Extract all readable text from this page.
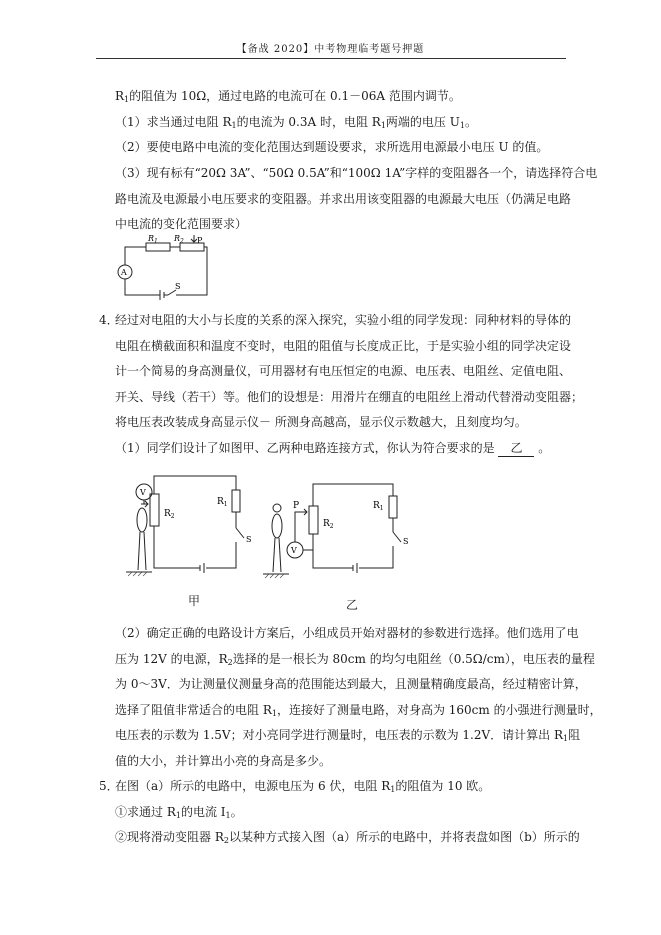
【备战 2020】中考物理临考题号押题
$R_1$的阻值为 10Ω，通过电路的电流可在 0.1－06A 范围内调节。
（1）求当通过电阻 $R_1$的电流为 0.3A 时，电阻 $R_1$两端的电压 $U_1$。
（2）要使电路中电流的变化范围达到题设要求，求所选用电源最小电压 U 的值。
（3）现有标有“20Ω 3A”、“50Ω 0.5A”和“100Ω 1A”字样的变阻器各一个，请选择符合电
路电流及电源最小电压要求的变阻器。并求出用该变阻器的电源最大电压（仍满足电路
中电流的变化范围要求）
$R_1$ $R_2$ P
A
S
4．
经过对电阻的大小与长度的关系的深入探究，实验小组的同学发现：同种材料的导体的
电阻在横截面积和温度不变时，电阻的阻值与长度成正比，于是实验小组的同学决定设
计一个简易的身高测量仪，可用器材有电压恒定的电源、电压表、电阻丝、定值电阻、
开关、导线（若干）等。他们的设想是：用滑片在绷直的电阻丝上滑动代替滑动变阻器；
将电压表改装成身高显示仪－ 所测身高越高，显示仪示数越大，且刻度均匀。
（1）同学们设计了如图甲、乙两种电路连接方式，你认为符合要求的是 乙 。
V
$R_2$
$R_1$
S
甲
V
P
$R_2$
$R_1$
S
乙
（2）确定正确的电路设计方案后，小组成员开始对器材的参数进行选择。他们选用了电
压为 12V 的电源，$R_2$选择的是一根长为 80cm 的均匀电阻丝（0.5Ω/cm），电压表的量程
为 0～3V．为让测量仪测量身高的范围能达到最大，且测量精确度最高，经过精密计算，
选择了阻值非常适合的电阻 $R_1$，连接好了测量电路，对身高为 160cm 的小强进行测量时，
电压表的示数为 1.5V；对小亮同学进行测量时，电压表的示数为 1.2V．请计算出 $R_1$阻
值的大小，并计算出小亮的身高是多少。
5．
在图（a）所示的电路中，电源电压为 6 伏，电阻 $R_1$的阻值为 10 欧。
①求通过 $R_1$的电流 $I_1$。
②现将滑动变阻器 $R_2$以某种方式接入图（a）所示的电路中，并将表盘如图（b）所示的
